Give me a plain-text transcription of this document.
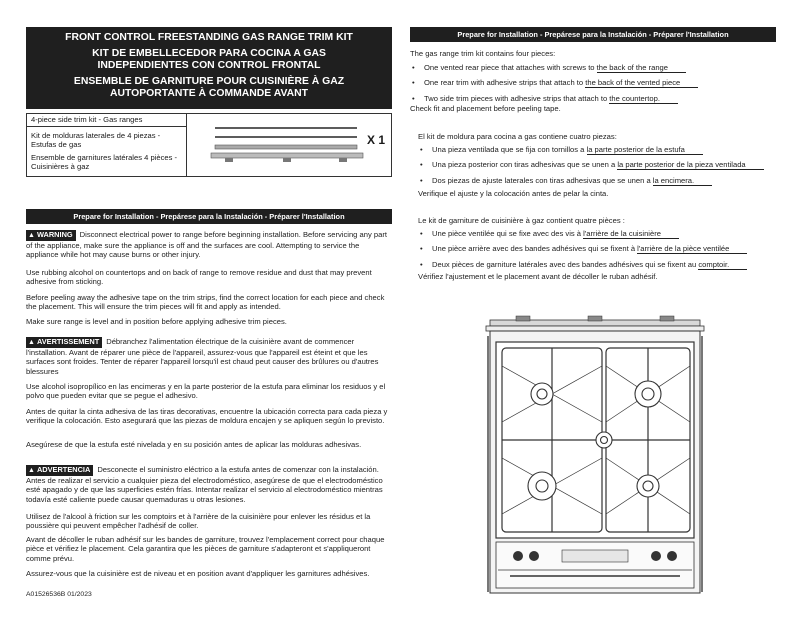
FRONT CONTROL FREESTANDING GAS RANGE TRIM KIT
KIT DE EMBELLECEDOR PARA COCINA A GAS
INDEPENDIENTES CON CONTROL FRONTAL
ENSEMBLE DE GARNITURE POUR CUISINIÈRE À GAZ
AUTOPORTANTE À COMMANDE AVANT
4-piece side trim kit - Gas ranges
Kit de molduras laterales de 4 piezas - Estufas de gas
Ensemble de garnitures latérales 4 pièces - Cuisinières à gaz
X 1
Prepare for Installation - Prepárese para la Instalación - Préparer l'Installation
▲ WARNING Disconnect electrical power to range before beginning installation. Before servicing any part of the appliance, make sure the appliance is off and the surfaces are cool. Attempting to service the appliance while hot may cause burns or other injury.
Use rubbing alcohol on countertops and on back of range to remove residue and dust that may prevent adhesive from sticking.
Before peeling away the adhesive tape on the trim strips, find the correct location for each piece and check the placement. This will ensure the trim pieces will fit and apply as intended.
Make sure range is level and in position before applying adhesive trim pieces.
▲ AVERTISSEMENT Débranchez l'alimentation électrique de la cuisinière avant de commencer l'installation. Avant de réparer une pièce de l'appareil, assurez-vous que l'appareil est éteint et que les surfaces sont froides. Tenter de réparer l'appareil lorsqu'il est chaud peut causer des brûlures ou d'autres blessures
Use alcohol isopropílico en las encimeras y en la parte posterior de la estufa para eliminar los residuos y el polvo que pueden evitar que se pegue el adhesivo.
Antes de quitar la cinta adhesiva de las tiras decorativas, encuentre la ubicación correcta para cada pieza y verifique la colocación. Esto asegurará que las piezas de moldura encajen y se apliquen según lo previsto.
Asegúrese de que la estufa esté nivelada y en su posición antes de aplicar las molduras adhesivas.
▲ ADVERTENCIA Desconecte el suministro eléctrico a la estufa antes de comenzar con la instalación. Antes de realizar el servicio a cualquier pieza del electrodoméstico, asegúrese de que el electrodoméstico esté apagado y de que las superficies estén frías. Intentar realizar el servicio al electrodoméstico mientras todavía esté caliente puede causar quemaduras u otras lesiones.
Utilisez de l'alcool à friction sur les comptoirs et à l'arrière de la cuisinière pour enlever les résidus et la poussière qui peuvent empêcher l'adhésif de coller.
Avant de décoller le ruban adhésif sur les bandes de garniture, trouvez l'emplacement correct pour chaque pièce et vérifiez le placement. Cela garantira que les pièces de garniture s'adapteront et s'appliqueront comme prévu.
Assurez-vous que la cuisinière est de niveau et en position avant d'appliquer les garnitures adhésives.
A01526536B 01/2023
Prepare for Installation - Prepárese para la Instalación - Préparer l'Installation
The gas range trim kit contains four pieces:
• One vented rear piece that attaches with screws to the back of the range
• One rear trim with adhesive strips that attach to the back of the vented piece
• Two side trim pieces with adhesive strips that attach to the countertop.
Check fit and placement before peeling tape.
El kit de moldura para cocina a gas contiene cuatro piezas:
• Una pieza ventilada que se fija con tornillos a la parte posterior de la estufa
• Una pieza posterior con tiras adhesivas que se unen a la parte posterior de la pieza ventilada
• Dos piezas de ajuste laterales con tiras adhesivas que se unen a la encimera.
Verifique el ajuste y la colocación antes de pelar la cinta.
Le kit de garniture de cuisinière à gaz contient quatre pièces :
• Une pièce ventilée qui se fixe avec des vis à l'arrière de la cuisinière
• Une pièce arrière avec des bandes adhésives qui se fixent à l'arrière de la pièce ventilée
• Deux pièces de garniture latérales avec des bandes adhésives qui se fixent au comptoir.
Vérifiez l'ajustement et le placement avant de décoller le ruban adhésif.
